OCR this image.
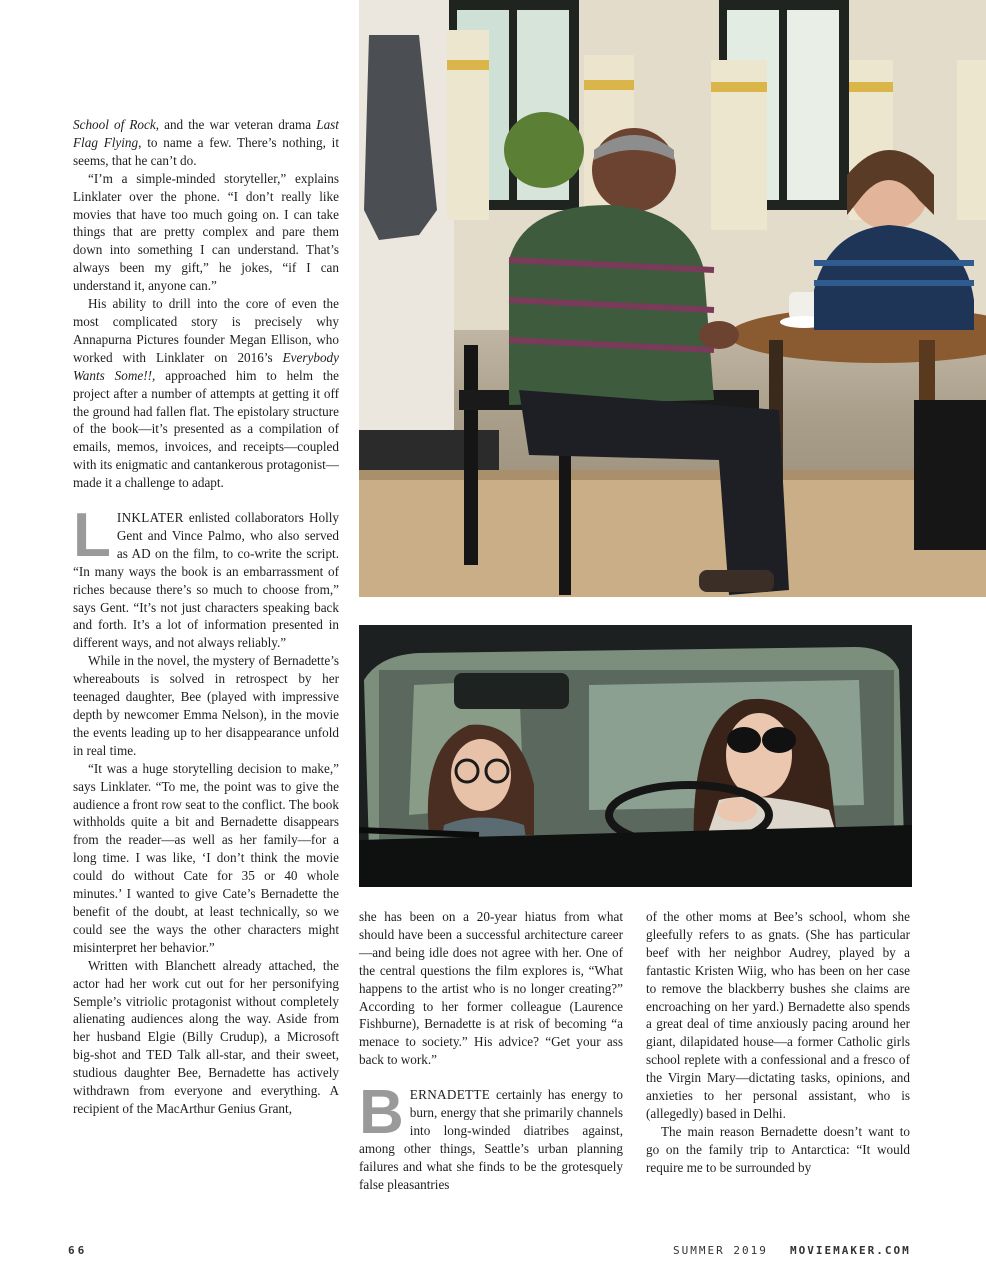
School of Rock, and the war veteran drama Last Flag Flying, to name a few. There’s nothing, it seems, that he can’t do.

“I’m a simple-minded storyteller,” explains Linklater over the phone. “I don’t really like movies that have too much going on. I can take things that are pretty complex and pare them down into something I can understand. That’s always been my gift,” he jokes, “if I can understand it, anyone can.”

His ability to drill into the core of even the most complicated story is precisely why Annapurna Pictures founder Megan Ellison, who worked with Linklater on 2016’s Everybody Wants Some!!, approached him to helm the project after a number of attempts at getting it off the ground had fallen flat. The epistolary structure of the book—it’s presented as a compilation of emails, memos, invoices, and receipts—coupled with its enigmatic and cantankerous protagonist—made it a challenge to adapt.

LINKLATER enlisted collaborators Holly Gent and Vince Palmo, who also served as AD on the film, to co-write the script. “In many ways the book is an embarrassment of riches because there’s so much to choose from,” says Gent. “It’s not just characters speaking back and forth. It’s a lot of information presented in different ways, and not always reliably.”

While in the novel, the mystery of Bernadette’s whereabouts is solved in retrospect by her teenaged daughter, Bee (played with impressive depth by newcomer Emma Nelson), in the movie the events leading up to her disappearance unfold in real time.

“It was a huge storytelling decision to make,” says Linklater. “To me, the point was to give the audience a front row seat to the conflict. The book withholds quite a bit and Bernadette disappears from the reader—as well as her family—for a long time. I was like, ‘I don’t think the movie could do without Cate for 35 or 40 whole minutes.’ I wanted to give Cate’s Bernadette the benefit of the doubt, at least technically, so we could see the ways the other characters might misinterpret her behavior.”

Written with Blanchett already attached, the actor had her work cut out for her personifying Semple’s vitriolic protagonist without completely alienating audiences along the way. Aside from her husband Elgie (Billy Crudup), a Microsoft big-shot and TED Talk all-star, and their sweet, studious daughter Bee, Bernadette has actively withdrawn from everyone and everything. A recipient of the MacArthur Genius Grant,

she has been on a 20-year hiatus from what should have been a successful architecture career—and being idle does not agree with her. One of the central questions the film explores is, “What happens to the artist who is no longer creating?” According to her former colleague (Laurence Fishburne), Bernadette is at risk of becoming “a menace to society.” His advice? “Get your ass back to work.”

BERNADETTE certainly has energy to burn, energy that she primarily channels into long-winded diatribes against, among other things, Seattle’s urban planning failures and what she finds to be the grotesquely false pleasantries

of the other moms at Bee’s school, whom she gleefully refers to as gnats. (She has particular beef with her neighbor Audrey, played by a fantastic Kristen Wiig, who has been on her case to remove the blackberry bushes she claims are encroaching on her yard.) Bernadette also spends a great deal of time anxiously pacing around her giant, dilapidated house—a former Catholic girls school replete with a confessional and a fresco of the Virgin Mary—dictating tasks, opinions, and anxieties to her personal assistant, who is (allegedly) based in Delhi.

The main reason Bernadette doesn’t want to go on the family trip to Antarctica: “It would require me to be surrounded by

66	SUMMER 2019 MOVIEMAKER.COM
